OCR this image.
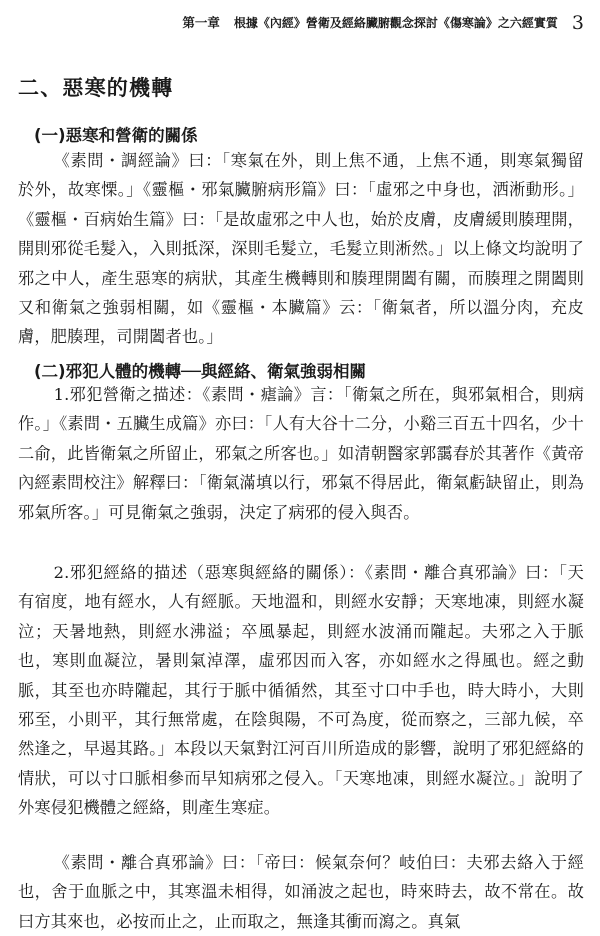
第一章 根據《內經》營衛及經絡臟腑觀念探討《傷寒論》之六經實質 3
二、惡寒的機轉
(一)惡寒和營衛的關係

《素問・調經論》曰：「寒氣在外，則上焦不通，上焦不通，則寒氣獨留於外，故寒慄。」《靈樞・邪氣臟腑病形篇》曰：「虛邪之中身也，洒淅動形。」《靈樞・百病始生篇》曰：「是故虛邪之中人也，始於皮膚，皮膚緩則腠理開，開則邪從毛髮入，入則抵深，深則毛髮立，毛髮立則淅然。」以上條文均說明了邪之中人，產生惡寒的病狀，其產生機轉則和腠理開闔有關，而腠理之開闔則又和衛氣之強弱相關，如《靈樞・本臟篇》云：「衛氣者，所以溫分肉，充皮膚，肥腠理，司開闔者也。」

(二)邪犯人體的機轉──與經絡、衛氣強弱相關

1.邪犯營衛之描述：《素問・瘧論》言：「衛氣之所在，與邪氣相合，則病作。」《素問・五臟生成篇》亦曰：「人有大谷十二分，小谿三百五十四名，少十二俞，此皆衛氣之所留止，邪氣之所客也。」如清朝醫家郭靄春於其著作《黃帝內經素問校注》解釋曰：「衛氣滿填以行，邪氣不得居此，衛氣虧缺留止，則為邪氣所客。」可見衛氣之強弱，決定了病邪的侵入與否。

2.邪犯經絡的描述（惡寒與經絡的關係）：《素問・離合真邪論》曰：「天有宿度，地有經水，人有經脈。天地溫和，則經水安靜；天寒地凍，則經水凝泣；天暑地熱，則經水沸溢；卒風暴起，則經水波涌而隴起。夫邪之入于脈也，寒則血凝泣，暑則氣淖澤，虛邪因而入客，亦如經水之得風也。經之動脈，其至也亦時隴起，其行于脈中循循然，其至寸口中手也，時大時小，大則邪至，小則平，其行無常處，在陰與陽，不可為度，從而察之，三部九候，卒然逢之，早遏其路。」本段以天氣對江河百川所造成的影響，說明了邪犯經絡的情狀，可以寸口脈相參而早知病邪之侵入。「天寒地凍，則經水凝泣。」說明了外寒侵犯機體之經絡，則產生寒症。

《素問・離合真邪論》曰：「帝曰：候氣奈何？岐伯曰：夫邪去絡入于經也，舍于血脈之中，其寒溫未相得，如涌波之起也，時來時去，故不常在。故曰方其來也，必按而止之，止而取之，無逢其衝而瀉之。真氣
